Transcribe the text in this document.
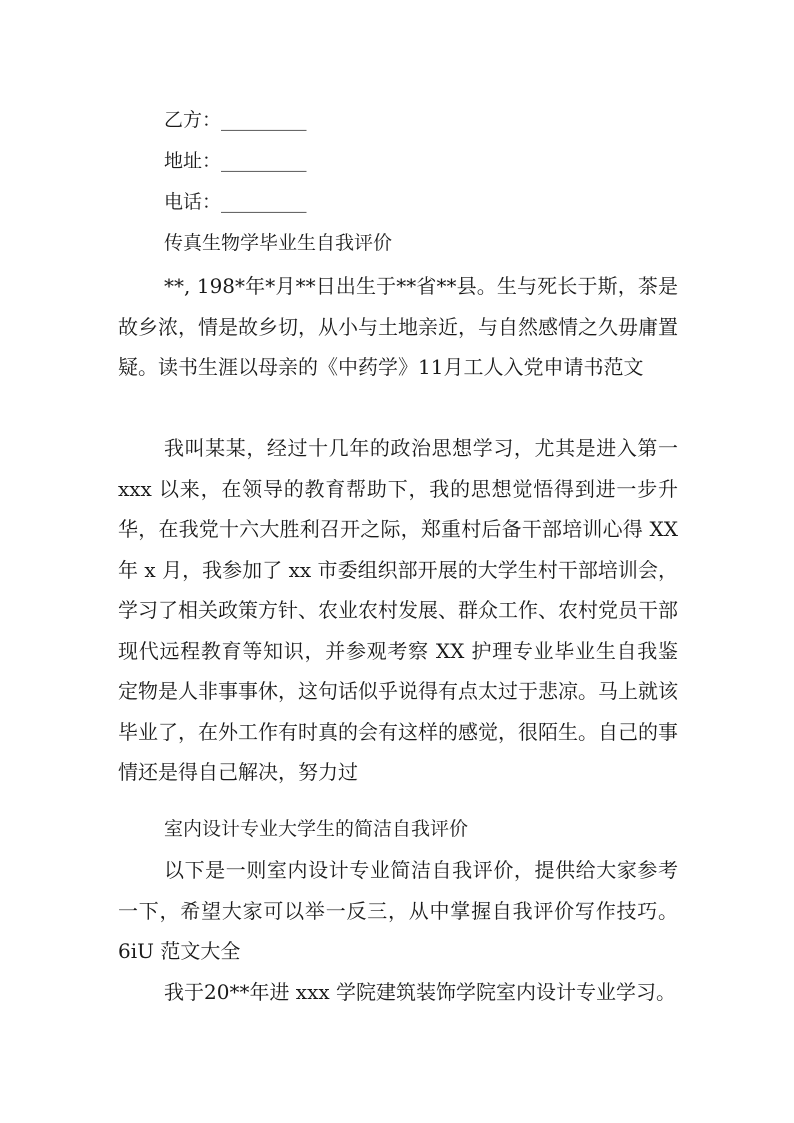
乙方：_________
地址：_________
电话：_________
传真生物学毕业生自我评价

**, 198*年*月**日出生于**省**县。生与死长于斯，茶是故乡浓，情是故乡切，从小与土地亲近，与自然感情之久毋庸置疑。读书生涯以母亲的《中药学》11月工人入党申请书范文

我叫某某，经过十几年的政治思想学习，尤其是进入第一 xxx 以来，在领导的教育帮助下，我的思想觉悟得到进一步升华，在我党十六大胜利召开之际，郑重村后备干部培训心得 XX 年 x 月，我参加了 xx 市委组织部开展的大学生村干部培训会，学习了相关政策方针、农业农村发展、群众工作、农村党员干部现代远程教育等知识，并参观考察 XX 护理专业毕业生自我鉴定物是人非事事休，这句话似乎说得有点太过于悲凉。马上就该毕业了，在外工作有时真的会有这样的感觉，很陌生。自己的事情还是得自己解决，努力过

室内设计专业大学生的简洁自我评价

以下是一则室内设计专业简洁自我评价，提供给大家参考一下，希望大家可以举一反三，从中掌握自我评价写作技巧。6iU 范文大全

我于20**年进 xxx 学院建筑装饰学院室内设计专业学习。
